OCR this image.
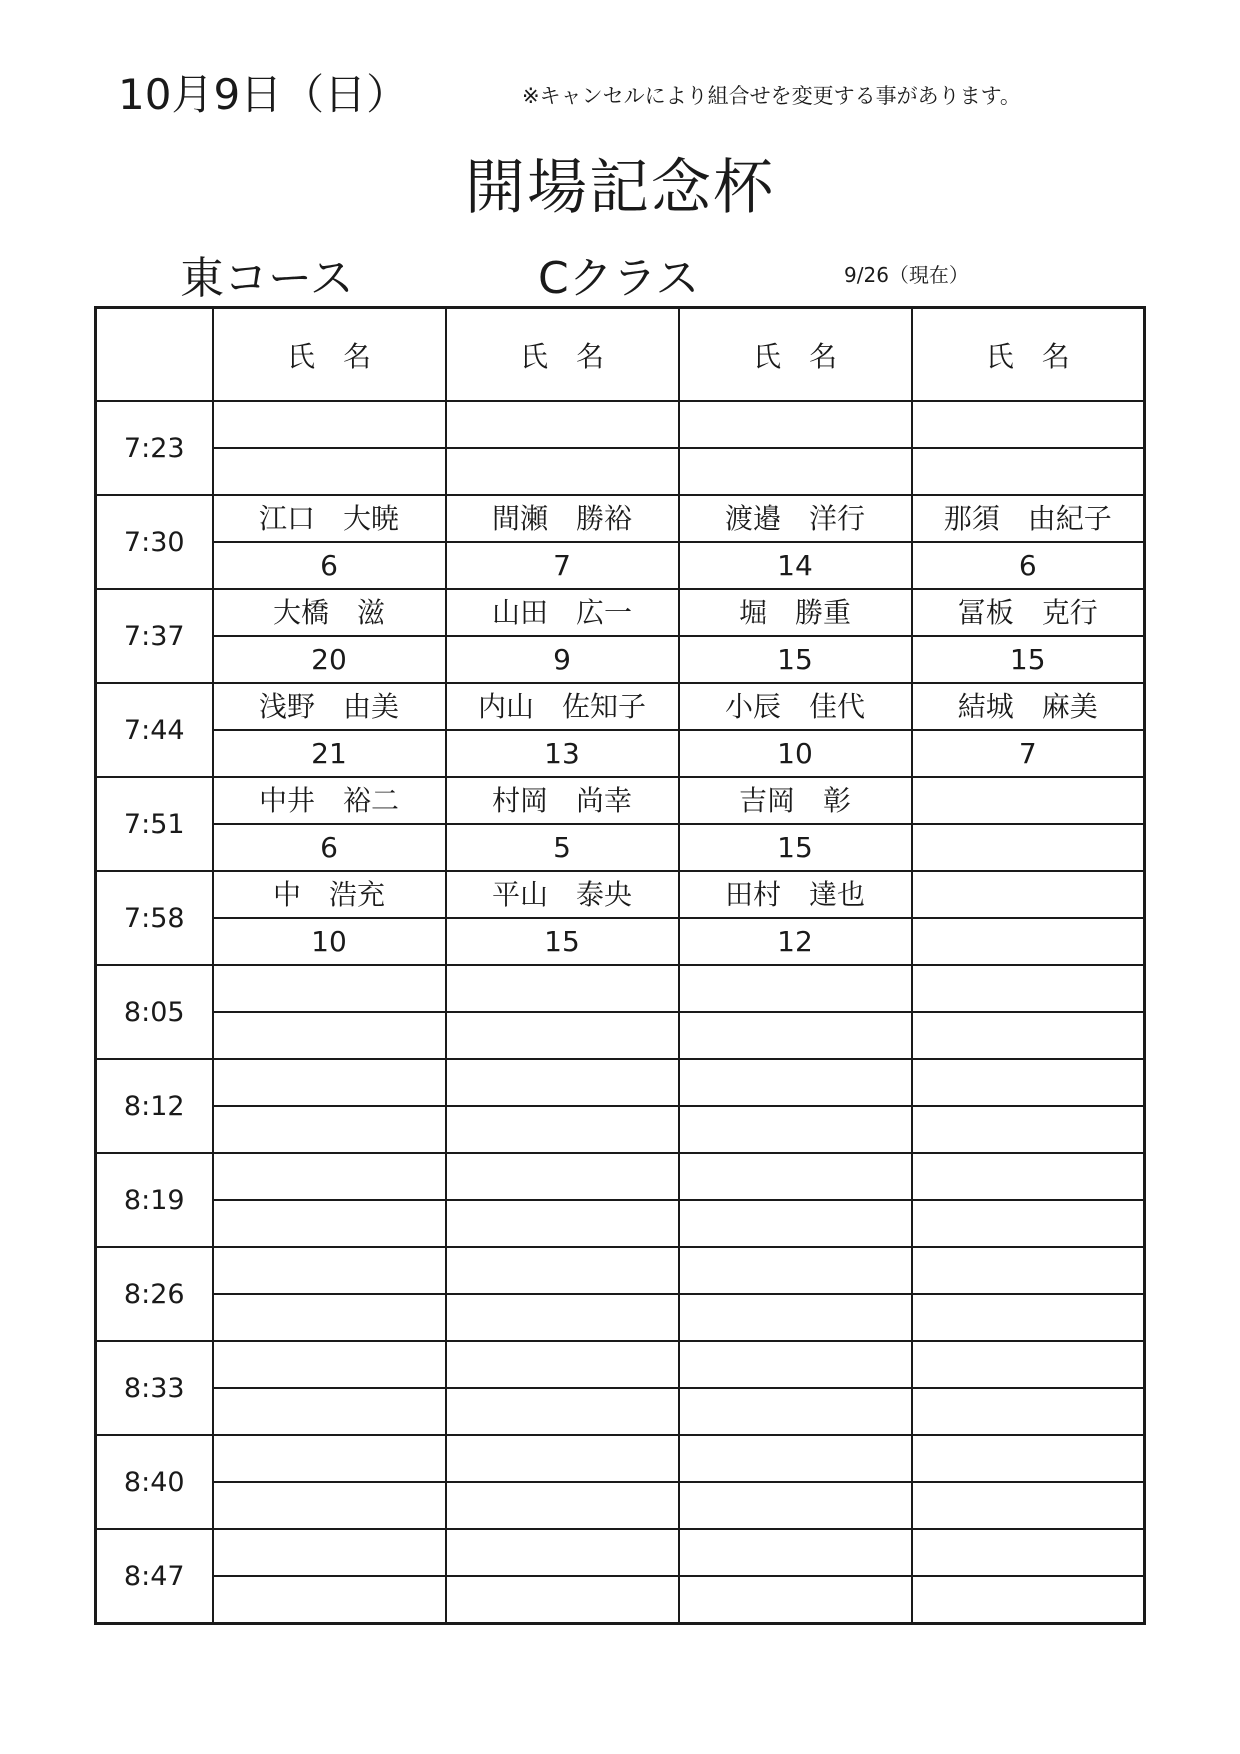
10月9日（日）	※キャンセルにより組合せを変更する事があります。
開場記念杯
東コース	Cクラス	9/26（現在）
	氏　名	氏　名	氏　名	氏　名
7:23				

7:30	江口　大暁	間瀬　勝裕	渡邉　洋行	那須　由紀子
	6	7	14	6
7:37	大橋　滋	山田　広一	堀　勝重	冨板　克行
	20	9	15	15
7:44	浅野　由美	内山　佐知子	小辰　佳代	結城　麻美
	21	13	10	7
7:51	中井　裕二	村岡　尚幸	吉岡　彰	
	6	5	15	
7:58	中　浩充	平山　泰央	田村　達也	
	10	15	12	
8:05				

8:12				

8:19				

8:26				

8:33				

8:40				

8:47				
